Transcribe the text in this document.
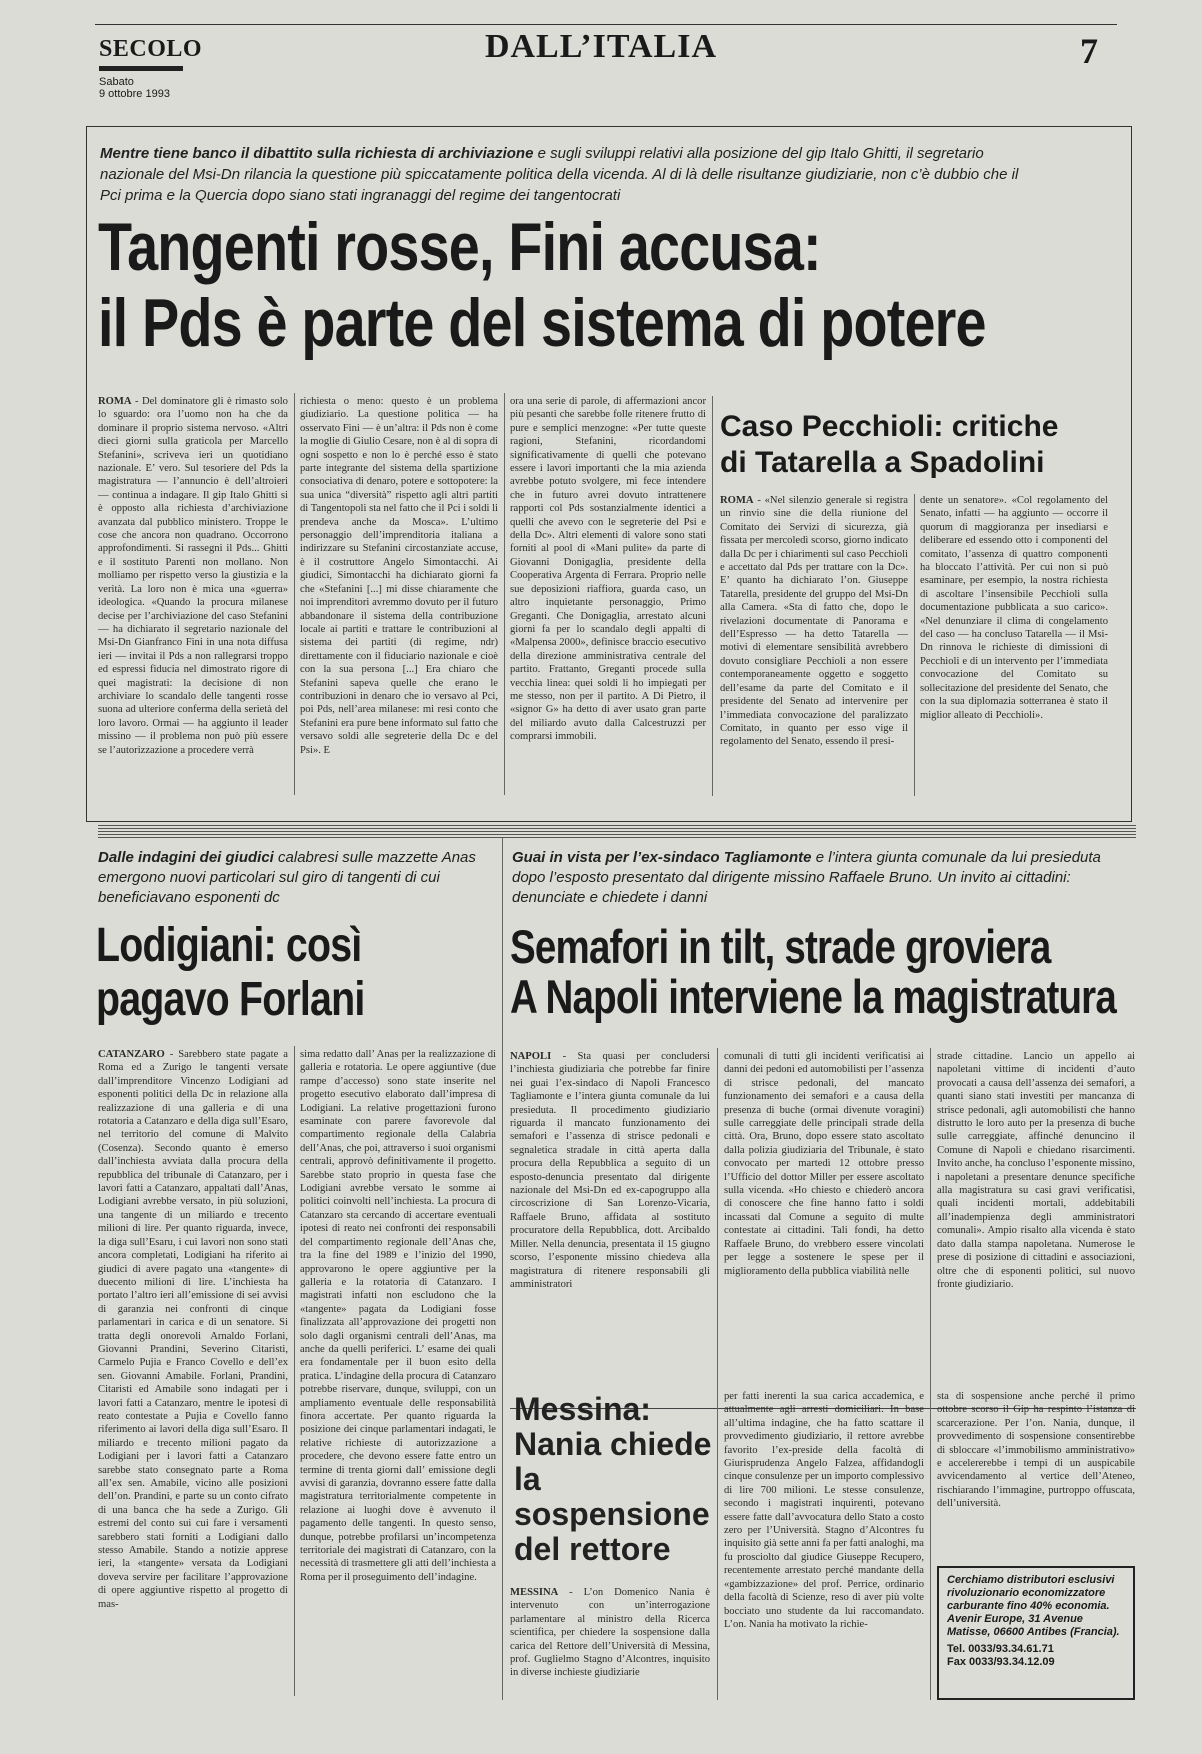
SECOLO
Sabato
9 ottobre 1993
DALL’ITALIA	7
Mentre tiene banco il dibattito sulla richiesta di archiviazione e sugli sviluppi relativi alla posizione del gip Italo Ghitti, il segretario nazionale del Msi-Dn rilancia la questione più spiccatamente politica della vicenda. Al di là delle risultanze giudiziarie, non c’è dubbio che il Pci prima e la Quercia dopo siano stati ingranaggi del regime dei tangentocrati
Tangenti rosse, Fini accusa:
il Pds è parte del sistema di potere

ROMA - Del dominatore gli è rimasto solo lo sguardo: ora l’uomo non ha che da dominare il proprio sistema nervoso. «Altri dieci giorni sulla graticola per Marcello Stefanini», scriveva ieri un quotidiano nazionale. E’ vero. Sul tesoriere del Pds la magistratura — l’annuncio è dell’altroieri — continua a indagare. Il gip Italo Ghitti si è opposto alla richiesta d’archiviazione avanzata dal pubblico ministero. Troppe le cose che ancora non quadrano. Occorrono approfondimenti. Si rassegni il Pds... Ghitti e il sostituto Parenti non mollano. Non molliamo per rispetto verso la giustizia e la verità. La loro non è mica una «guerra» ideologica. «Quando la procura milanese decise per l’archiviazione del caso Stefanini — ha dichiarato il segretario nazionale del Msi-Dn Gianfranco Fini in una nota diffusa ieri — invitai il Pds a non rallegrarsi troppo ed espressi fiducia nel dimostrato rigore di quei magistrati: la decisione di non archiviare lo scandalo delle tangenti rosse suona ad ulteriore conferma della serietà del loro lavoro. Ormai — ha aggiunto il leader missino — il problema non può più essere se l’autorizzazione a procedere verrà

richiesta o meno: questo è un problema giudiziario. La questione politica — ha osservato Fini — è un’altra: il Pds non è come la moglie di Giulio Cesare, non è al di sopra di ogni sospetto e non lo è perché esso è stato parte integrante del sistema della spartizione consociativa di denaro, potere e sottopotere: la sua unica “diversità” rispetto agli altri partiti di Tangentopoli sta nel fatto che il Pci i soldi li prendeva anche da Mosca». L’ultimo personaggio dell’imprenditoria italiana a indirizzare su Stefanini circostanziate accuse, è il costruttore Angelo Simontacchi. Ai giudici, Simontacchi ha dichiarato giorni fa che «Stefanini [...] mi disse chiaramente che noi imprenditori avremmo dovuto per il futuro abbandonare il sistema della contribuzione locale ai partiti e trattare le contribuzioni al sistema dei partiti (di regime, ndr) direttamente con il fiduciario nazionale e cioè con la sua persona [...] Era chiaro che Stefanini sapeva quelle che erano le contribuzioni in denaro che io versavo al Pci, poi Pds, nell’area milanese: mi resi conto che Stefanini era pure bene informato sul fatto che versavo soldi alle segreterie della Dc e del Psi». E

ora una serie di parole, di affermazioni ancor più pesanti che sarebbe folle ritenere frutto di pure e semplici menzogne: «Per tutte queste ragioni, Stefanini, ricordandomi significativamente di quelli che potevano essere i lavori importanti che la mia azienda avrebbe potuto svolgere, mi fece intendere che in futuro avrei dovuto intrattenere rapporti col Pds sostanzialmente identici a quelli che avevo con le segreterie del Psi e della Dc». Altri elementi di valore sono stati forniti al pool di «Mani pulite» da parte di Giovanni Donigaglia, presidente della Cooperativa Argenta di Ferrara. Proprio nelle sue deposizioni riaffiora, guarda caso, un altro inquietante personaggio, Primo Greganti. Che Donigaglia, arrestato alcuni giorni fa per lo scandalo degli appalti di «Malpensa 2000», definisce braccio esecutivo della direzione amministrativa centrale del partito. Frattanto, Greganti procede sulla vecchia linea: quei soldi li ho impiegati per me stesso, non per il partito. A Di Pietro, il «signor G» ha detto di aver usato gran parte del miliardo avuto dalla Calcestruzzi per comprarsi immobili.

Caso Pecchioli: critiche
di Tatarella a Spadolini

ROMA - «Nel silenzio generale si registra un rinvio sine die della riunione del Comitato dei Servizi di sicurezza, già fissata per mercoledì scorso, giorno indicato dalla Dc per i chiarimenti sul caso Pecchioli e accettato dal Pds per trattare con la Dc». E’ quanto ha dichiarato l’on. Giuseppe Tatarella, presidente del gruppo del Msi-Dn alla Camera. «Sta di fatto che, dopo le rivelazioni documentate di Panorama e dell’Espresso — ha detto Tatarella — motivi di elementare sensibilità avrebbero dovuto consigliare Pecchioli a non essere contemporaneamente oggetto e soggetto dell’esame da parte del Comitato e il presidente del Senato ad intervenire per l’immediata convocazione del paralizzato Comitato, in quanto per esso vige il regolamento del Senato, essendo il presi-

dente un senatore». «Col regolamento del Senato, infatti — ha aggiunto — occorre il quorum di maggioranza per insediarsi e deliberare ed essendo otto i componenti del comitato, l’assenza di quattro componenti ha bloccato l’attività. Per cui non si può esaminare, per esempio, la nostra richiesta di ascoltare l’insensibile Pecchioli sulla documentazione pubblicata a suo carico». «Nel denunziare il clima di congelamento del caso — ha concluso Tatarella — il Msi-Dn rinnova le richieste di dimissioni di Pecchioli e di un intervento per l’immediata convocazione del Comitato su sollecitazione del presidente del Senato, che con la sua diplomazia sotterranea è stato il miglior alleato di Pecchioli».

Dalle indagini dei giudici calabresi sulle mazzette Anas emergono nuovi particolari sul giro di tangenti di cui beneficiavano esponenti dc
Lodigiani: così
pagavo Forlani

CATANZARO - Sarebbero state pagate a Roma ed a Zurigo le tangenti versate dall’imprenditore Vincenzo Lodigiani ad esponenti politici della Dc in relazione alla realizzazione di una galleria e di una rotatoria a Catanzaro e della diga sull’Esaro, nel territorio del comune di Malvito (Cosenza). Secondo quanto è emerso dall’inchiesta avviata dalla procura della repubblica del tribunale di Catanzaro, per i lavori fatti a Catanzaro, appaltati dall’Anas, Lodigiani avrebbe versato, in più soluzioni, una tangente di un miliardo e trecento milioni di lire. Per quanto riguarda, invece, la diga sull’Esaru, i cui lavori non sono stati ancora completati, Lodigiani ha riferito ai giudici di avere pagato una «tangente» di duecento milioni di lire. L’inchiesta ha portato l’altro ieri all’emissione di sei avvisi di garanzia nei confronti di cinque parlamentari in carica e di un senatore. Si tratta degli onorevoli Arnaldo Forlani, Giovanni Prandini, Severino Citaristi, Carmelo Pujia e Franco Covello e dell’ex sen. Giovanni Amabile. Forlani, Prandini, Citaristi ed Amabile sono indagati per i lavori fatti a Catanzaro, mentre le ipotesi di reato contestate a Pujia e Covello fanno riferimento ai lavori della diga sull’Esaro. Il miliardo e trecento milioni pagato da Lodigiani per i lavori fatti a Catanzaro sarebbe stato consegnato parte a Roma all’ex sen. Amabile, vicino alle posizioni dell’on. Prandini, e parte su un conto cifrato di una banca che ha sede a Zurigo. Gli estremi del conto sui cui fare i versamenti sarebbero stati forniti a Lodigiani dallo stesso Amabile. Stando a notizie apprese ieri, la «tangente» versata da Lodigiani doveva servire per facilitare l’approvazione di opere aggiuntive rispetto al progetto di mas-

sima redatto dall’ Anas per la realizzazione di galleria e rotatoria. Le opere aggiuntive (due rampe d’accesso) sono state inserite nel progetto esecutivo elaborato dall’impresa di Lodigiani. La relative progettazioni furono esaminate con parere favorevole dal compartimento regionale della Calabria dell’Anas, che poi, attraverso i suoi organismi centrali, approvò definitivamente il progetto. Sarebbe stato proprio in questa fase che Lodigiani avrebbe versato le somme ai politici coinvolti nell’inchiesta. La procura di Catanzaro sta cercando di accertare eventuali ipotesi di reato nei confronti dei responsabili del compartimento regionale dell’Anas che, tra la fine del 1989 e l’inizio del 1990, approvarono le opere aggiuntive per la galleria e la rotatoria di Catanzaro. I magistrati infatti non escludono che la «tangente» pagata da Lodigiani fosse finalizzata all’approvazione dei progetti non solo dagli organismi centrali dell’Anas, ma anche da quelli periferici. L’ esame dei quali era fondamentale per il buon esito della pratica. L’indagine della procura di Catanzaro potrebbe riservare, dunque, sviluppi, con un ampliamento eventuale delle responsabilità finora accertate. Per quanto riguarda la posizione dei cinque parlamentari indagati, le relative richieste di autorizzazione a procedere, che devono essere fatte entro un termine di trenta giorni dall’ emissione degli avvisi di garanzia, dovranno essere fatte dalla magistratura territorialmente competente in relazione ai luoghi dove è avvenuto il pagamento delle tangenti. In questo senso, dunque, potrebbe profilarsi un’incompetenza territoriale dei magistrati di Catanzaro, con la necessità di trasmettere gli atti dell’inchiesta a Roma per il proseguimento dell’indagine.

Guai in vista per l’ex-sindaco Tagliamonte e l’intera giunta comunale da lui presieduta dopo l’esposto presentato dal dirigente missino Raffaele Bruno. Un invito ai cittadini: denunciate e chiedete i danni
Semafori in tilt, strade groviera
A Napoli interviene la magistratura

NAPOLI - Sta quasi per concludersi l’inchiesta giudiziaria che potrebbe far finire nei guai l’ex-sindaco di Napoli Francesco Tagliamonte e l’intera giunta comunale da lui presieduta. Il procedimento giudiziario riguarda il mancato funzionamento dei semafori e l’assenza di strisce pedonali e segnaletica stradale in città aperta dalla procura della Repubblica a seguito di un esposto-denuncia presentato dal dirigente nazionale del Msi-Dn ed ex-capogruppo alla circoscrizione di San Lorenzo-Vicaria, Raffaele Bruno, affidata al sostituto procuratore della Repubblica, dott. Arcibaldo Miller. Nella denuncia, presentata il 15 giugno scorso, l’esponente missino chiedeva alla magistratura di ritenere responsabili gli amministratori

comunali di tutti gli incidenti verificatisi ai danni dei pedoni ed automobilisti per l’assenza di strisce pedonali, del mancato funzionamento dei semafori e a causa della presenza di buche (ormai divenute voragini) sulle carreggiate delle principali strade della città. Ora, Bruno, dopo essere stato ascoltato dalla polizia giudiziaria del Tribunale, è stato convocato per martedì 12 ottobre presso l’Ufficio del dottor Miller per essere ascoltato sulla vicenda. «Ho chiesto e chiederò ancora di conoscere che fine hanno fatto i soldi incassati dal Comune a seguito di multe contestate ai cittadini. Tali fondi, ha detto Raffaele Bruno, do vrebbero essere vincolati per legge a sostenere le spese per il miglioramento della pubblica viabilità nelle

strade cittadine. Lancio un appello ai napoletani vittime di incidenti d’auto provocati a causa dell’assenza dei semafori, a quanti siano stati investiti per mancanza di strisce pedonali, agli automobilisti che hanno distrutto le loro auto per la presenza di buche sulle carreggiate, affinché denuncino il Comune di Napoli e chiedano risarcimenti. Invito anche, ha concluso l’esponente missino, i napoletani a presentare denunce specifiche alla magistratura su casi gravi verificatisi, quali incidenti mortali, addebitabili all’inadempienza degli amministratori comunali». Ampio risalto alla vicenda è stato dato dalla stampa napoletana. Numerose le prese di posizione di cittadini e associazioni, oltre che di esponenti politici, sul nuovo fronte giudiziario.

Messina: Nania chiede la sospensione del rettore

MESSINA - L’on Domenico Nania è intervenuto con un’interrogazione parlamentare al ministro della Ricerca scientifica, per chiedere la sospensione dalla carica del Rettore dell’Università di Messina, prof. Guglielmo Stagno d’Alcontres, inquisito in diverse inchieste giudiziarie

per fatti inerenti la sua carica accademica, e attualmente agli arresti domiciliari. In base all’ultima indagine, che ha fatto scattare il provvedimento giudiziario, il rettore avrebbe favorito l’ex-preside della facoltà di Giurisprudenza Angelo Falzea, affidandogli cinque consulenze per un importo complessivo di lire 700 milioni. Le stesse consulenze, secondo i magistrati inquirenti, potevano essere fatte dall’avvocatura dello Stato a costo zero per l’Università. Stagno d’Alcontres fu inquisito già sette anni fa per fatti analoghi, ma fu prosciolto dal giudice Giuseppe Recupero, recentemente arrestato perché mandante della «gambizzazione» del prof. Perrice, ordinario della facoltà di Scienze, reso di aver più volte bocciato uno studente da lui raccomandato. L’on. Nania ha motivato la richie-

sta di sospensione anche perché il primo ottobre scorso il Gip ha respinto l’istanza di scarcerazione. Per l’on. Nania, dunque, il provvedimento di sospensione consentirebbe di sbloccare «l’immobilismo amministrativo» e accelererebbe i tempi di un auspicabile avvicendamento al vertice dell’Ateneo, rischiarando l’immagine, purtroppo offuscata, dell’università.

Cerchiamo distributori esclusivi rivoluzionario economizzatore carburante fino 40% economia. Avenir Europe, 31 Avenue Matisse, 06600 Antibes (Francia).
Tel. 0033/93.34.61.71
Fax 0033/93.34.12.09
